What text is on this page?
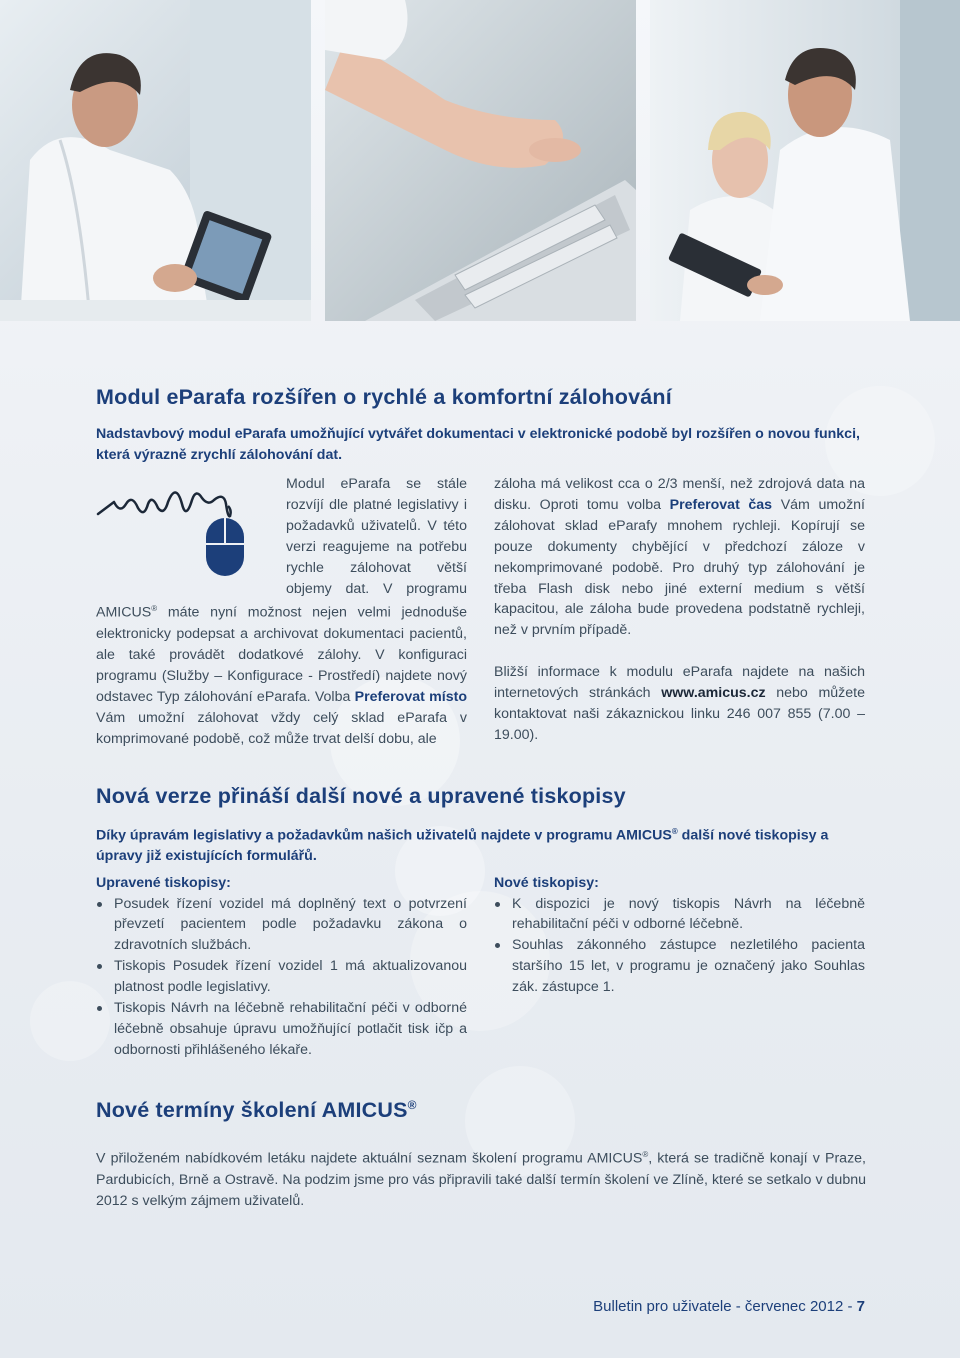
Modul eParafa rozšířen o rychlé a komfortní zálohování

Nadstavbový modul eParafa umožňující vytvářet dokumentaci v elektronické podobě byl rozšířen o novou funkci, která výrazně zrychlí zálohování dat.

Modul eParafa se stále rozvíjí dle platné legislativy i požadavků uživatelů. V této verzi reagujeme na potřebu rychle zálohovat větší objemy dat. V programu AMICUS® máte nyní možnost nejen velmi jednoduše elektronicky podepsat a archivovat dokumentaci pacientů, ale také provádět dodatkové zálohy. V konfiguraci programu (Služby – Konfigurace - Prostředí) najdete nový odstavec Typ zálohování eParafa. Volba Preferovat místo Vám umožní zálohovat vždy celý sklad eParafa v komprimované podobě, což může trvat delší dobu, ale

záloha má velikost cca o 2/3 menší, než zdrojová data na disku. Oproti tomu volba Preferovat čas Vám umožní zálohovat sklad eParafy mnohem rychleji. Kopírují se pouze dokumenty chybějící v předchozí záloze v nekomprimované podobě. Pro druhý typ zálohování je třeba Flash disk nebo jiné externí medium s větší kapacitou, ale záloha bude provedena podstatně rychleji, než v prvním případě.

Bližší informace k modulu eParafa najdete na našich internetových stránkách www.amicus.cz nebo můžete kontaktovat naši zákaznickou linku 246 007 855 (7.00 – 19.00).

Nová verze přináší další nové a upravené tiskopisy

Díky úpravám legislativy a požadavkům našich uživatelů najdete v programu AMICUS® další nové tiskopisy a úpravy již existujících formulářů.

Upravené tiskopisy:

Posudek řízení vozidel má doplněný text o potvrzení převzetí pacientem podle požadavku zákona o zdravotních službách.
Tiskopis Posudek řízení vozidel 1 má aktualizovanou platnost podle legislativy.
Tiskopis Návrh na léčebně rehabilitační péči v odborné léčebně obsahuje úpravu umožňující potlačit tisk ičp a odbornosti přihlášeného lékaře.

Nové tiskopisy:

K dispozici je nový tiskopis Návrh na léčebně rehabilitační péči v odborné léčebně.
Souhlas zákonného zástupce nezletilého pacienta staršího 15 let, v programu je označený jako Souhlas zák. zástupce 1.
Nové termíny školení AMICUS®

V přiloženém nabídkovém letáku najdete aktuální seznam školení programu AMICUS®, která se tradičně konají v Praze, Pardubicích, Brně a Ostravě. Na podzim jsme pro vás připravili také další termín školení ve Zlíně, které se setkalo v dubnu 2012 s velkým zájmem uživatelů.

Bulletin pro uživatele - červenec 2012 - 7
